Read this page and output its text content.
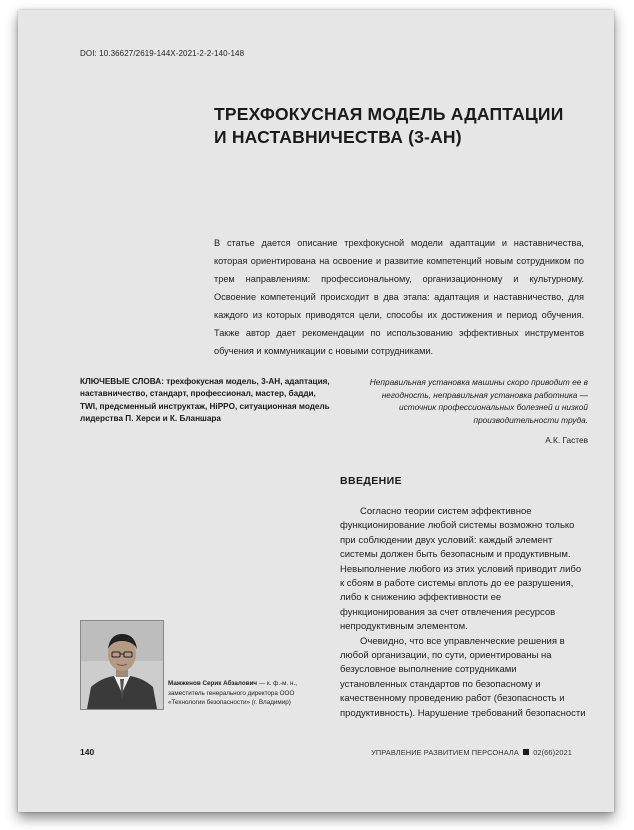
DOI: 10.36627/2619-144X-2021-2-2-140-148
ТРЕХФОКУСНАЯ МОДЕЛЬ АДАПТАЦИИ
И НАСТАВНИЧЕСТВА (3-АН)
В статье дается описание трехфокусной модели адаптации и наставничества, которая ориентирована на освоение и развитие компетенций новым сотрудником по трем направлениям: профессиональному, организационному и культурному. Освоение компетенций происходит в два этапа: адаптация и наставничество, для каждого из которых приводятся цели, способы их достижения и период обучения. Также автор дает рекомендации по использованию эффективных инструментов обучения и коммуникации с новыми сотрудниками.
КЛЮЧЕВЫЕ СЛОВА: трехфокусная модель, 3-АН, адаптация, наставничество, стандарт, профессионал, мастер, бадди, TWI, предсменный инструктаж, HiPPO, ситуационная модель лидерства П. Херси и К. Бланшара
Неправильная установка машины скоро приводит ее в негодность, неправильная установка работника — источник профессиональных болезней и низкой производительности труда.
А.К. Гастев
ВВЕДЕНИЕ

Согласно теории систем эффективное функционирование любой системы возможно только при соблюдении двух условий: каждый элемент системы должен быть безопасным и продуктивным. Невыполнение любого из этих условий приводит либо к сбоям в работе системы вплоть до ее разрушения, либо к снижению эффективности ее функционирования за счет отвлечения ресурсов непродуктивным элементом.

Очевидно, что все управленческие решения в любой организации, по сути, ориентированы на безусловное выполнение сотрудниками установленных стандартов по безопасному и качественному проведению работ (безопасность и продуктивность). Нарушение требований безопасности

Мажженов Серик Абзалович — к. ф.-м. н., заместитель генерального директора ООО «Технологии безопасности» (г. Владимир)
140	УПРАВЛЕНИЕ РАЗВИТИЕМ ПЕРСОНАЛА 02(66)2021
